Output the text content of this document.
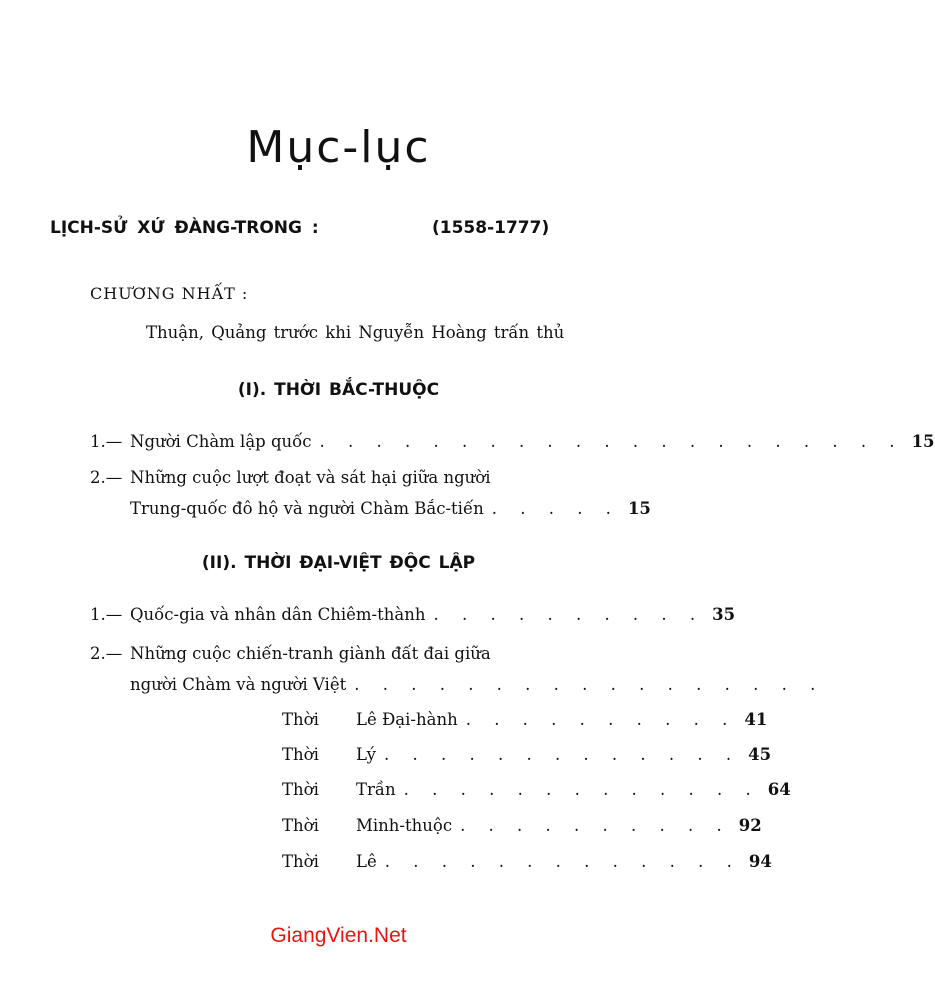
Mục-lục
LỊCH-SỬ XỨ ĐÀNG-TRONG :	(1558-1777)
CHƯƠNG NHẤT :
Thuận, Quảng trước khi Nguyễn Hoàng trấn thủ
(I). THỜI BẮC-THUỘC
1.— Người Chàm lập quốc . . . . . . . . . . . . . . . . . . . . . 15
2.— Những cuộc lượt đoạt và sát hại giữa người
Trung-quốc đô hộ và người Chàm Bắc-tiến . . . . . 15
(II). THỜI ĐẠI-VIỆT ĐỘC LẬP
1.— Quốc-gia và nhân dân Chiêm-thành . . . . . . . . . . 35
2.— Những cuộc chiến-tranh giành đất đai giữa
người Chàm và người Việt . . . . . . . . . . . . . . . . .
Thời	Lê Đại-hành . . . . . . . . . . 41
Thời	Lý . . . . . . . . . . . . . 45
Thời	Trần . . . . . . . . . . . . . 64
Thời	Minh-thuộc . . . . . . . . . . 92
Thời	Lê . . . . . . . . . . . . . 94
GiangVien.Net
